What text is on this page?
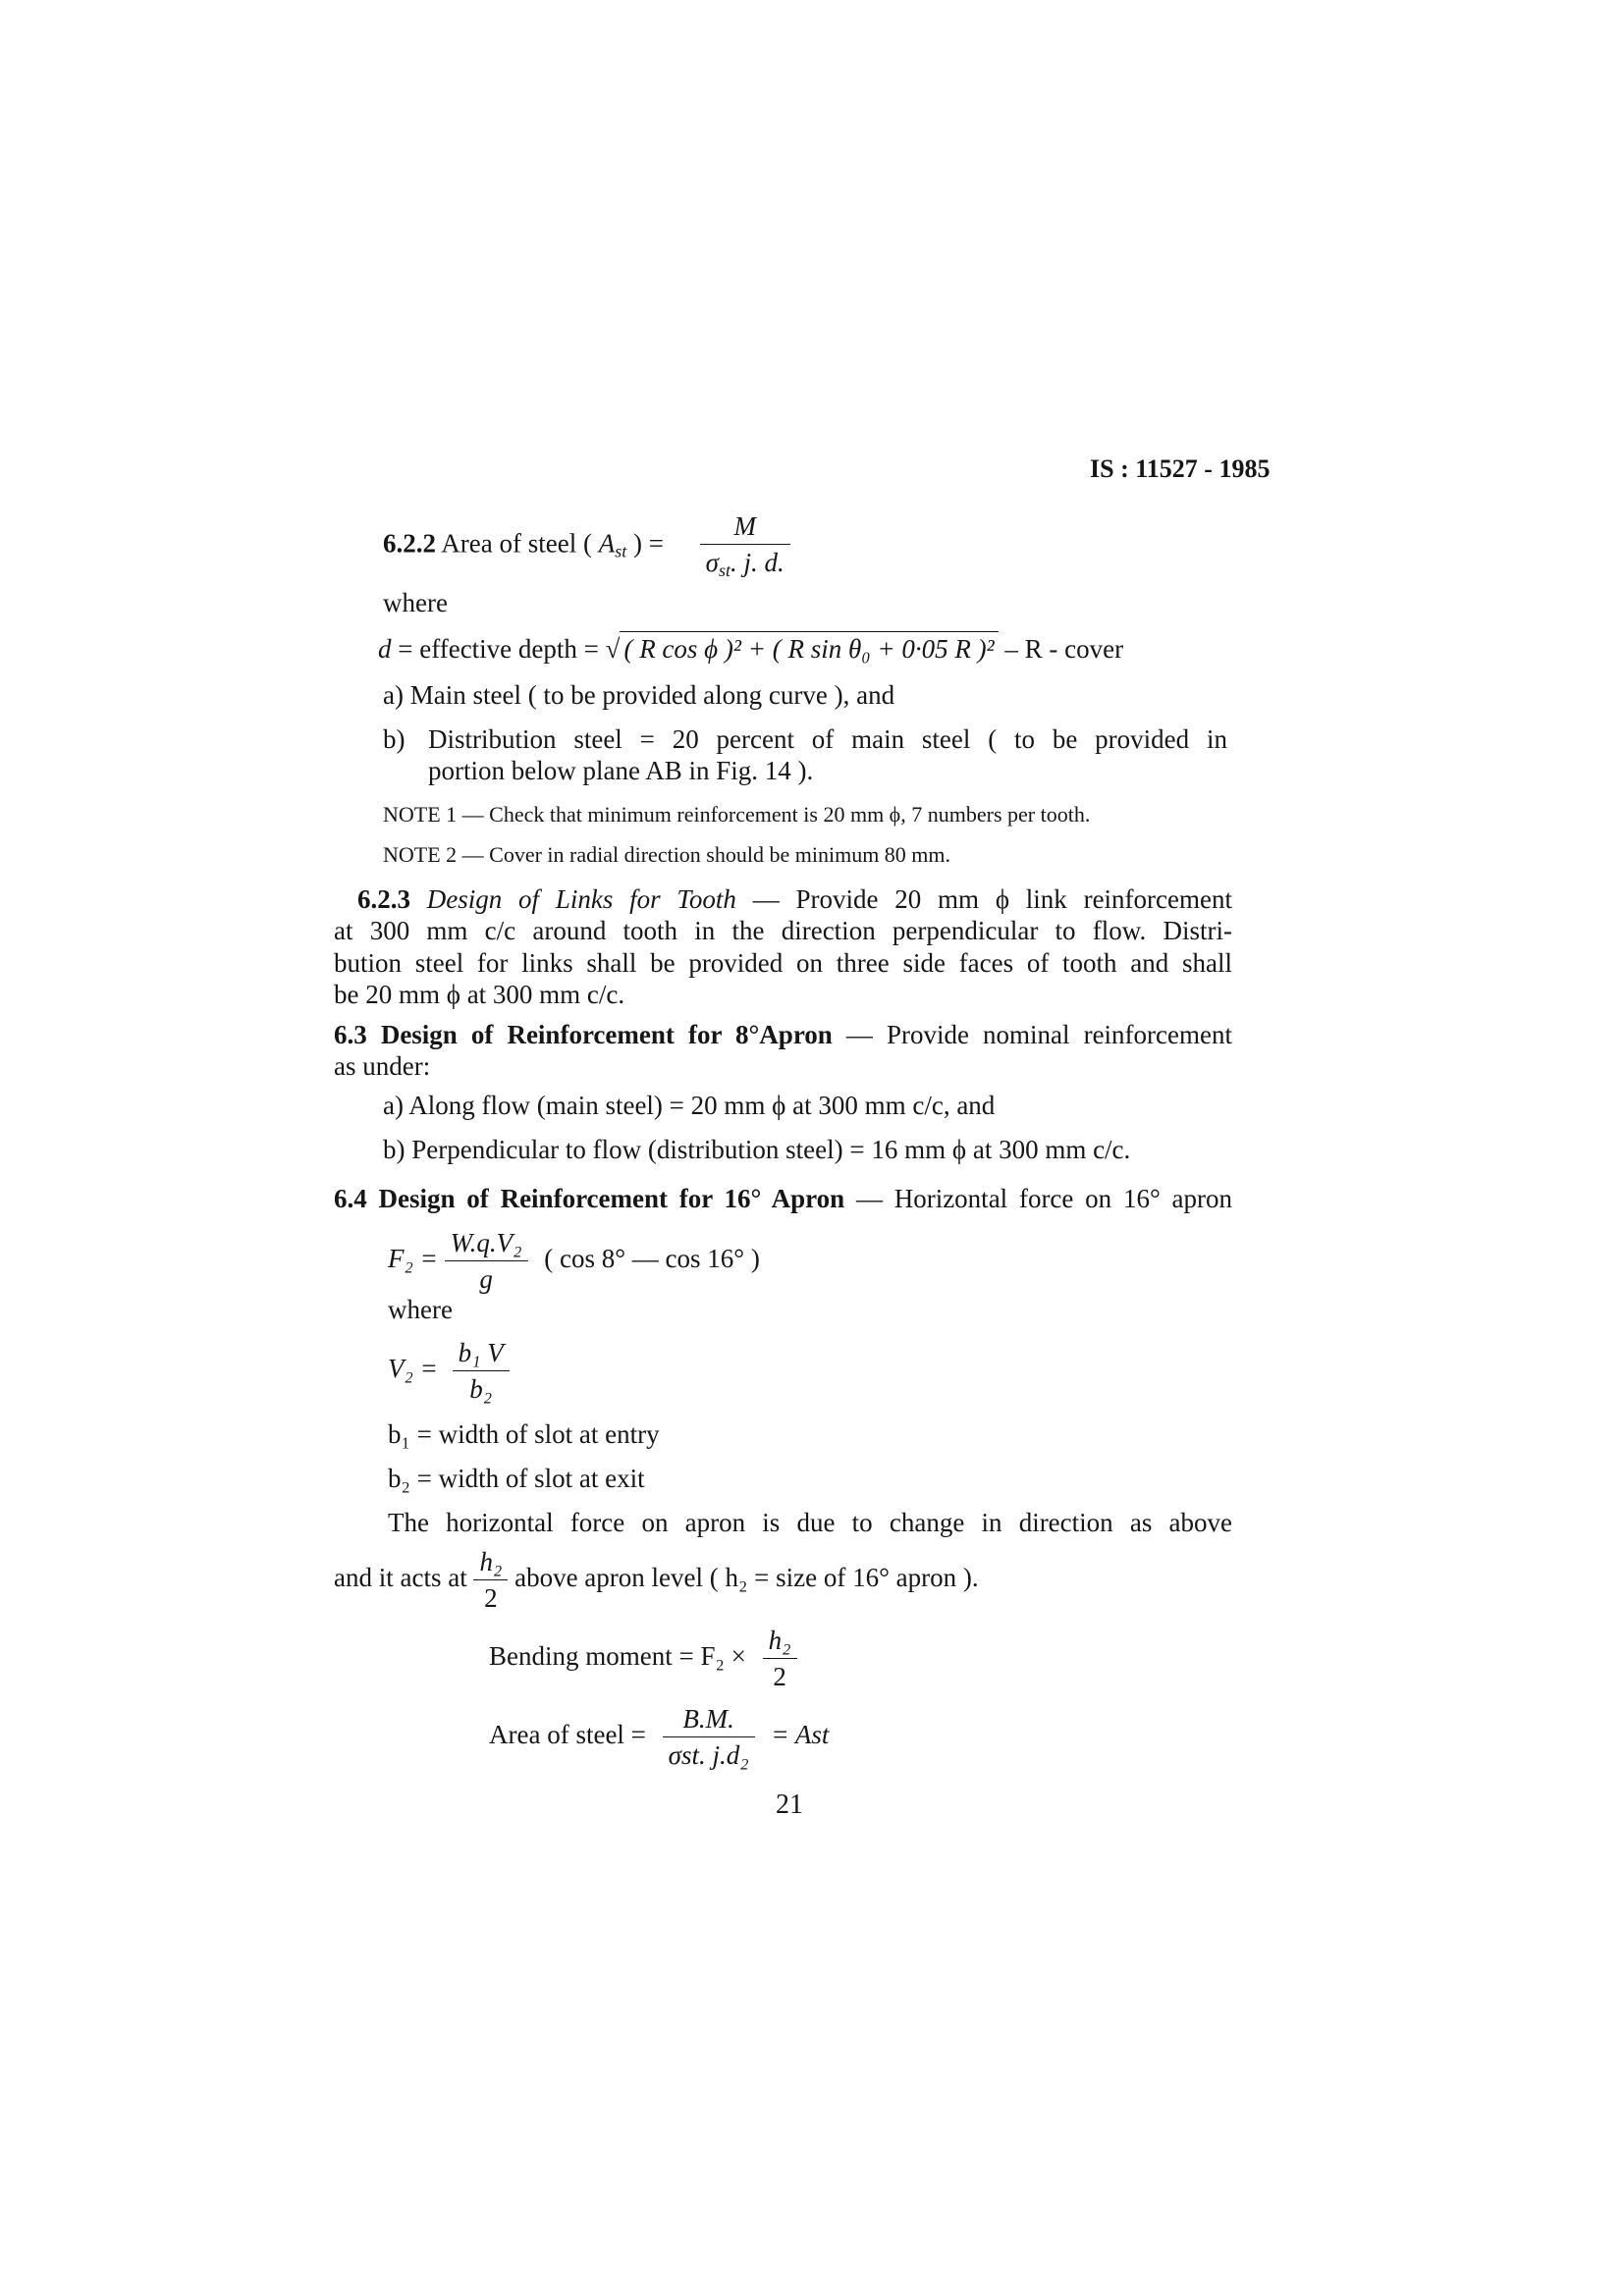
IS : 11527 - 1985
6.2.2 Area of steel ( $A_{st}$ ) = $\frac{M}{\sigma_{st}. j. d.}$
where
d = effective depth = √ ( R cos ϕ )² + ( R sin θ₀ + 0·05 R )² – R - cover
a) Main steel ( to be provided along curve ), and
b) Distribution steel = 20 percent of main steel ( to be provided in
portion below plane AB in Fig. 14 ).
NOTE 1 — Check that minimum reinforcement is 20 mm ϕ, 7 numbers per tooth.
NOTE 2 — Cover in radial direction should be minimum 80 mm.
6.2.3 Design of Links for Tooth — Provide 20 mm ϕ link reinforcement
at 300 mm c/c around tooth in the direction perpendicular to flow. Distri-
bution steel for links shall be provided on three side faces of tooth and shall
be 20 mm ϕ at 300 mm c/c.
6.3 Design of Reinforcement for 8°Apron — Provide nominal reinforcement
as under:
a) Along flow (main steel) = 20 mm ϕ at 300 mm c/c, and
b) Perpendicular to flow (distribution steel) = 16 mm ϕ at 300 mm c/c.
6.4 Design of Reinforcement for 16° Apron — Horizontal force on 16° apron
$F_2 = \frac{\text{W.q.V₂}}{g}$ ( cos 8° — cos 16° )
where
$V_2 = \frac{\text{b₁ V}}{\text{b₂}}$
b₁ = width of slot at entry
b₂ = width of slot at exit
The horizontal force on apron is due to change in direction as above
and it acts at $\frac{\text{h₂}}{2}$ above apron level ( h₂ = size of 16° apron ).
Bending moment = $F_2 \times \frac{\text{h₂}}{2}$
Area of steel = $\frac{B.M.}{\text{σst. j.d₂}}$ = Ast
21
